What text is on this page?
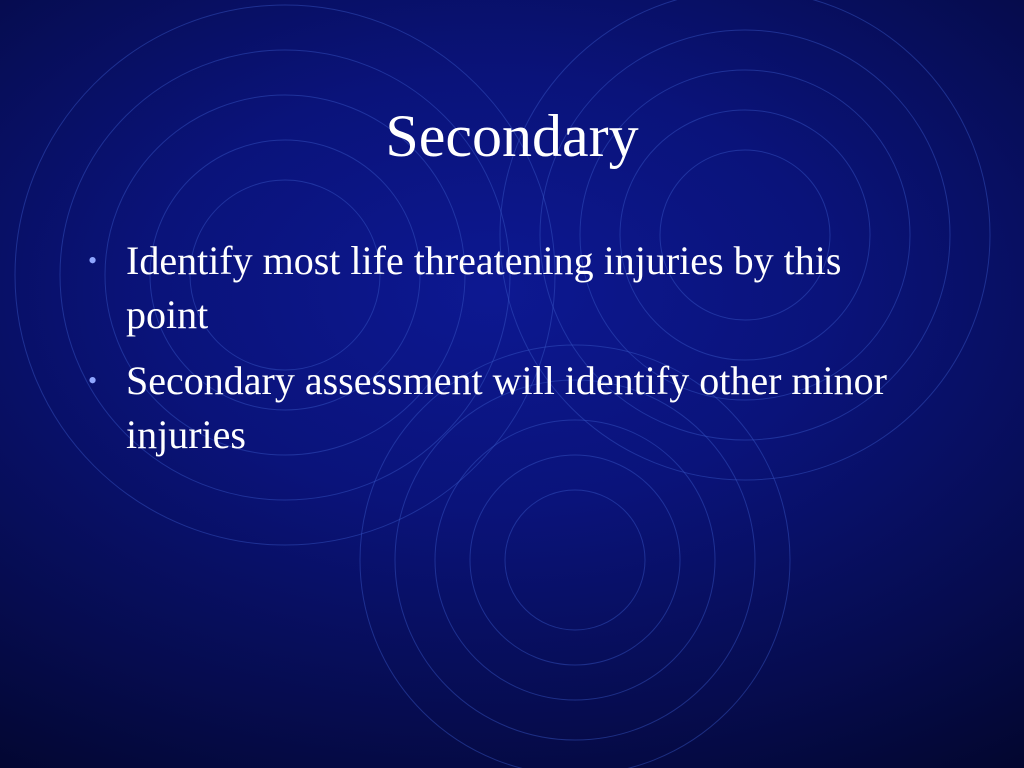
Secondary
• Identify most life threatening injuries by this point
• Secondary assessment will identify other minor injuries
